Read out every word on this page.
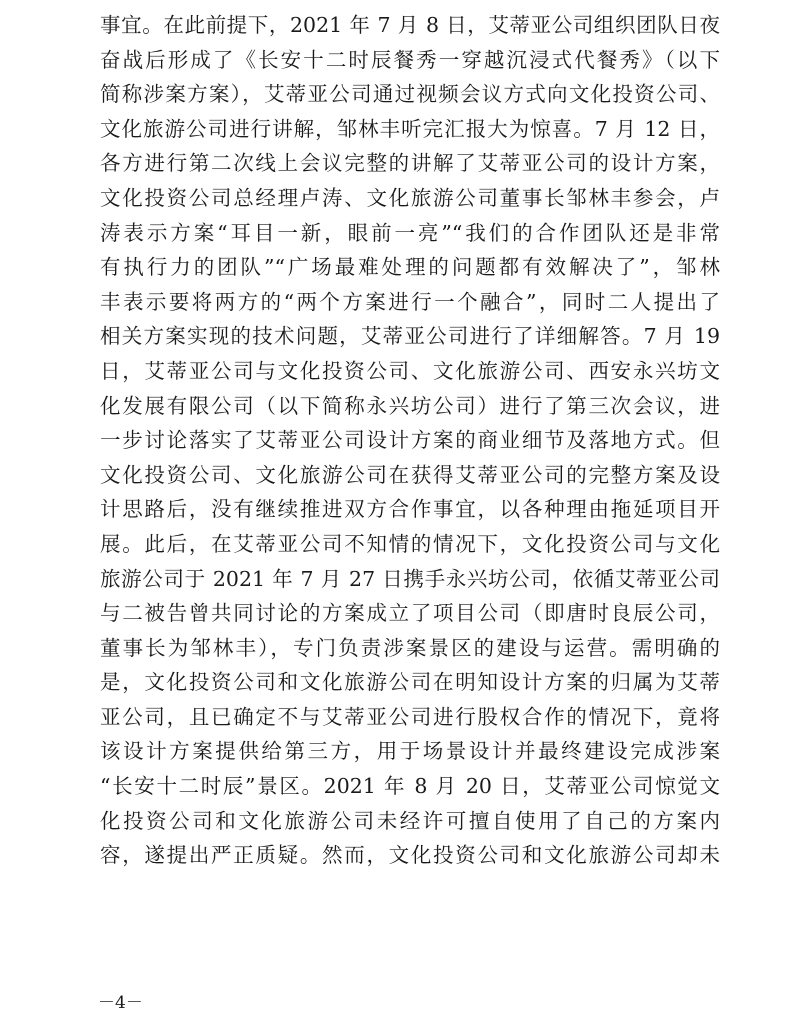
事宜。在此前提下，2021 年 7 月 8 日，艾蒂亚公司组织团队日夜
奋战后形成了《长安十二时辰餐秀一穿越沉浸式代餐秀》（以下
简称涉案方案），艾蒂亚公司通过视频会议方式向文化投资公司、
文化旅游公司进行讲解，邹林丰听完汇报大为惊喜。7 月 12 日，
各方进行第二次线上会议完整的讲解了艾蒂亚公司的设计方案，
文化投资公司总经理卢涛、文化旅游公司董事长邹林丰参会，卢
涛表示方案“耳目一新，眼前一亮”“我们的合作团队还是非常
有执行力的团队”“广场最难处理的问题都有效解决了”，邹林
丰表示要将两方的“两个方案进行一个融合”，同时二人提出了
相关方案实现的技术问题，艾蒂亚公司进行了详细解答。7 月 19
日，艾蒂亚公司与文化投资公司、文化旅游公司、西安永兴坊文
化发展有限公司（以下简称永兴坊公司）进行了第三次会议，进
一步讨论落实了艾蒂亚公司设计方案的商业细节及落地方式。但
文化投资公司、文化旅游公司在获得艾蒂亚公司的完整方案及设
计思路后，没有继续推进双方合作事宜，以各种理由拖延项目开
展。此后，在艾蒂亚公司不知情的情况下，文化投资公司与文化
旅游公司于 2021 年 7 月 27 日携手永兴坊公司，依循艾蒂亚公司
与二被告曾共同讨论的方案成立了项目公司（即唐时良辰公司，
董事长为邹林丰），专门负责涉案景区的建设与运营。需明确的
是，文化投资公司和文化旅游公司在明知设计方案的归属为艾蒂
亚公司，且已确定不与艾蒂亚公司进行股权合作的情况下，竟将
该设计方案提供给第三方，用于场景设计并最终建设完成涉案
“长安十二时辰”景区。2021 年 8 月 20 日，艾蒂亚公司惊觉文
化投资公司和文化旅游公司未经许可擅自使用了自己的方案内
容，遂提出严正质疑。然而，文化投资公司和文化旅游公司却未
－4－
